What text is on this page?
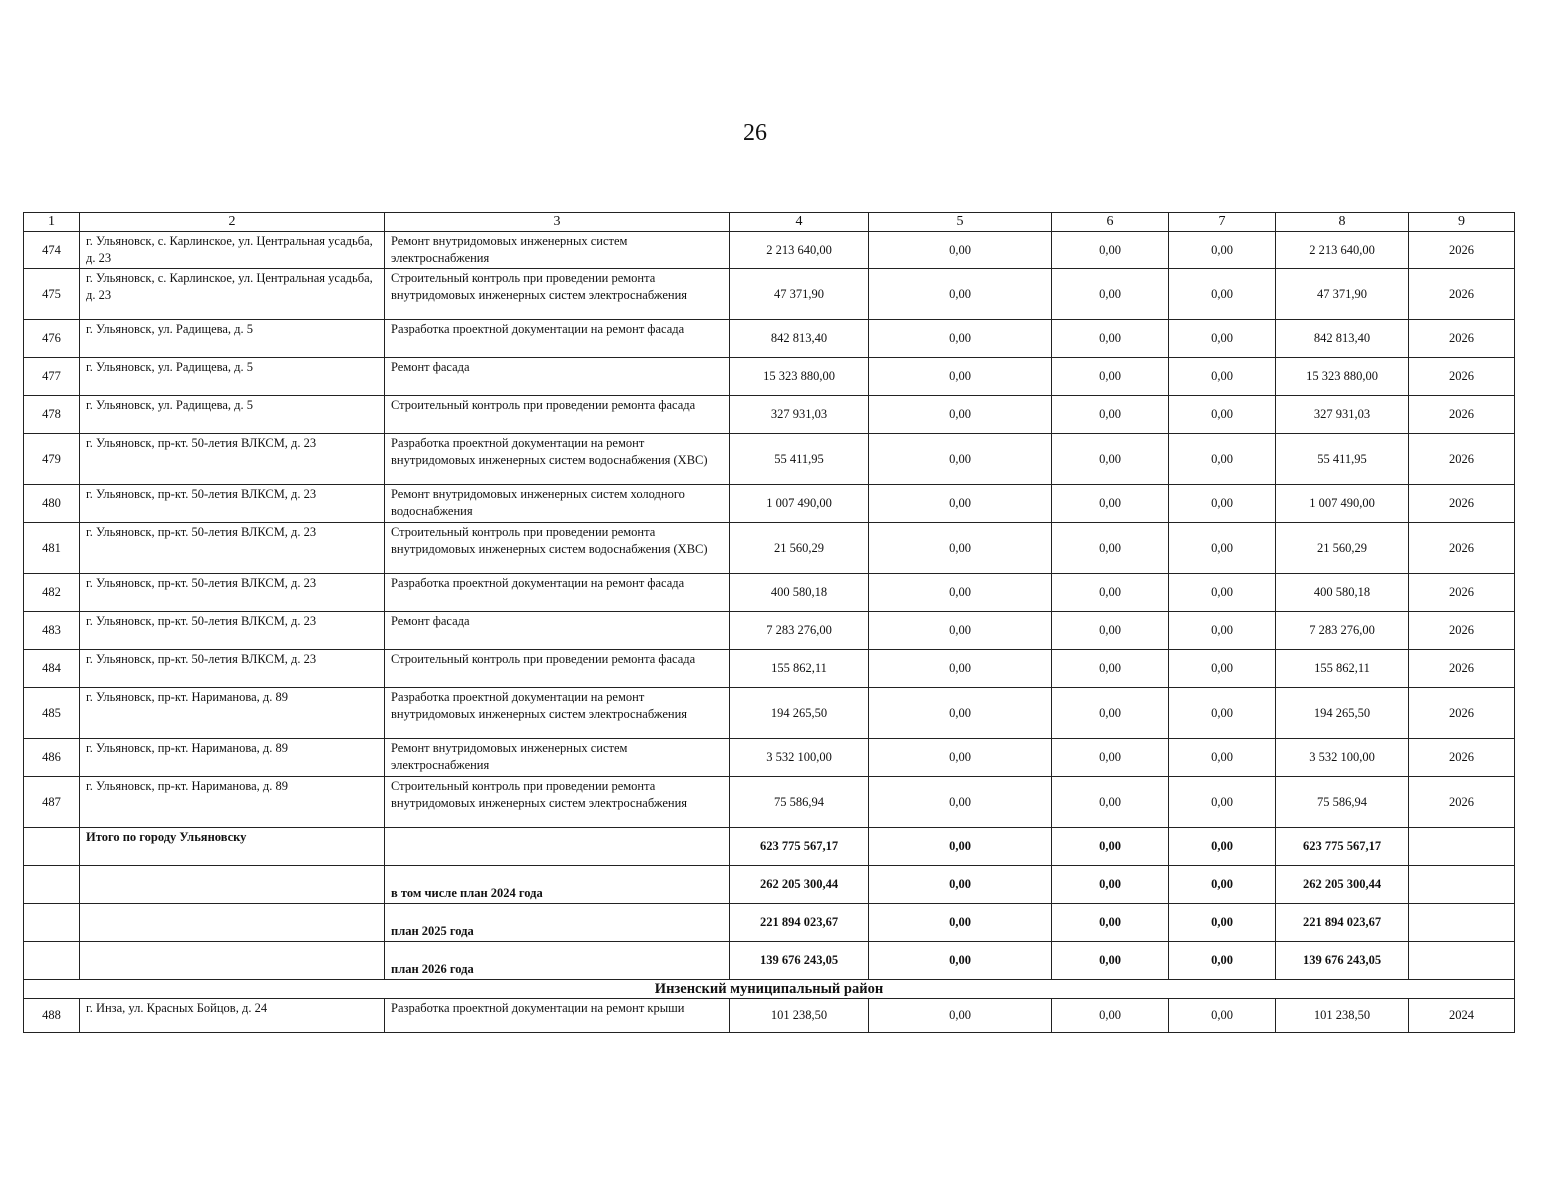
26
1	2	3	4	5	6	7	8	9
474	г. Ульяновск, с. Карлинское, ул. Центральная усадьба, д. 23	Ремонт внутридомовых инженерных систем электроснабжения	2 213 640,00	0,00	0,00	0,00	2 213 640,00	2026
475	г. Ульяновск, с. Карлинское, ул. Центральная усадьба, д. 23	Строительный контроль при проведении ремонта внутридомовых инженерных систем электроснабжения	47 371,90	0,00	0,00	0,00	47 371,90	2026
476	г. Ульяновск, ул. Радищева, д. 5	Разработка проектной документации на ремонт фасада	842 813,40	0,00	0,00	0,00	842 813,40	2026
477	г. Ульяновск, ул. Радищева, д. 5	Ремонт фасада	15 323 880,00	0,00	0,00	0,00	15 323 880,00	2026
478	г. Ульяновск, ул. Радищева, д. 5	Строительный контроль при проведении ремонта фасада	327 931,03	0,00	0,00	0,00	327 931,03	2026
479	г. Ульяновск, пр-кт. 50-летия ВЛКСМ, д. 23	Разработка проектной документации на ремонт внутридомовых инженерных систем водоснабжения (ХВС)	55 411,95	0,00	0,00	0,00	55 411,95	2026
480	г. Ульяновск, пр-кт. 50-летия ВЛКСМ, д. 23	Ремонт внутридомовых инженерных систем холодного водоснабжения	1 007 490,00	0,00	0,00	0,00	1 007 490,00	2026
481	г. Ульяновск, пр-кт. 50-летия ВЛКСМ, д. 23	Строительный контроль при проведении ремонта внутридомовых инженерных систем водоснабжения (ХВС)	21 560,29	0,00	0,00	0,00	21 560,29	2026
482	г. Ульяновск, пр-кт. 50-летия ВЛКСМ, д. 23	Разработка проектной документации на ремонт фасада	400 580,18	0,00	0,00	0,00	400 580,18	2026
483	г. Ульяновск, пр-кт. 50-летия ВЛКСМ, д. 23	Ремонт фасада	7 283 276,00	0,00	0,00	0,00	7 283 276,00	2026
484	г. Ульяновск, пр-кт. 50-летия ВЛКСМ, д. 23	Строительный контроль при проведении ремонта фасада	155 862,11	0,00	0,00	0,00	155 862,11	2026
485	г. Ульяновск, пр-кт. Нариманова, д. 89	Разработка проектной документации на ремонт внутридомовых инженерных систем электроснабжения	194 265,50	0,00	0,00	0,00	194 265,50	2026
486	г. Ульяновск, пр-кт. Нариманова, д. 89	Ремонт внутридомовых инженерных систем электроснабжения	3 532 100,00	0,00	0,00	0,00	3 532 100,00	2026
487	г. Ульяновск, пр-кт. Нариманова, д. 89	Строительный контроль при проведении ремонта внутридомовых инженерных систем электроснабжения	75 586,94	0,00	0,00	0,00	75 586,94	2026
	Итого по городу Ульяновску		623 775 567,17	0,00	0,00	0,00	623 775 567,17	
		в том числе план 2024 года	262 205 300,44	0,00	0,00	0,00	262 205 300,44	
		план 2025 года	221 894 023,67	0,00	0,00	0,00	221 894 023,67	
		план 2026 года	139 676 243,05	0,00	0,00	0,00	139 676 243,05	
Инзенский муниципальный район								
488	г. Инза, ул. Красных Бойцов, д. 24	Разработка проектной документации на ремонт крыши	101 238,50	0,00	0,00	0,00	101 238,50	2024
